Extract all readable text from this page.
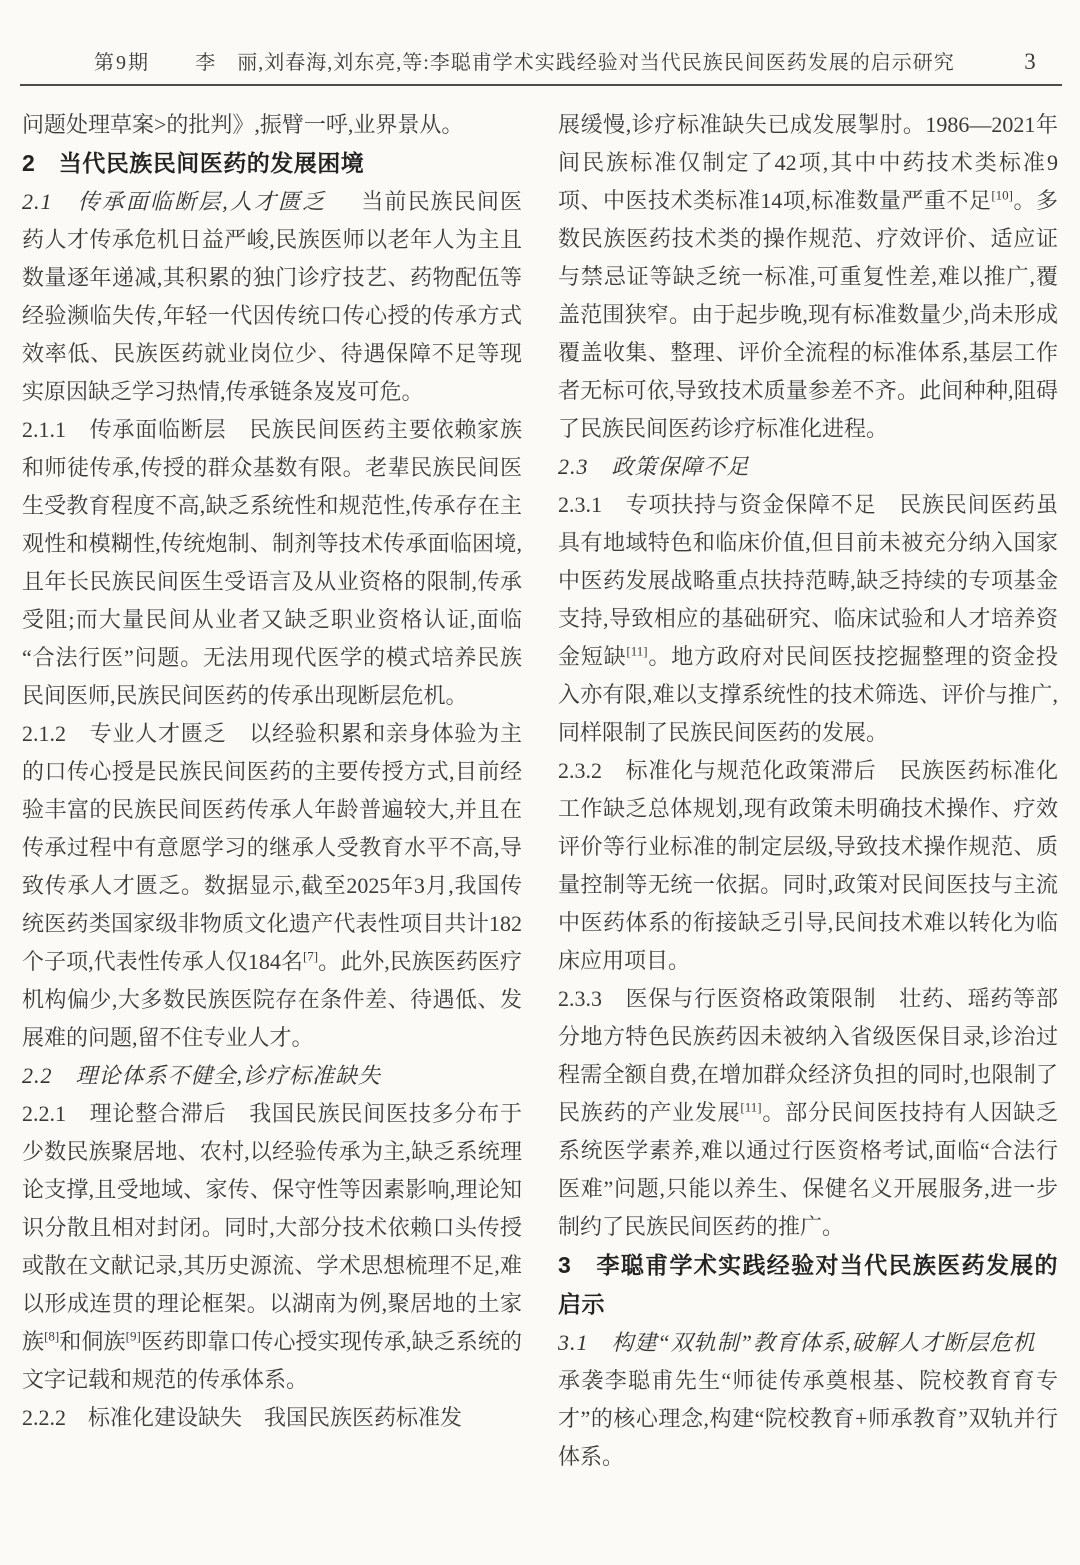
第9期	李　丽,刘春海,刘东亮,等:李聪甫学术实践经验对当代民族民间医药发展的启示研究	3

问题处理草案>的批判》,振臂一呼,业界景从。

2　当代民族民间医药的发展困境

2.1　传承面临断层,人才匮乏　当前民族民间医药人才传承危机日益严峻,民族医师以老年人为主且数量逐年递减,其积累的独门诊疗技艺、药物配伍等经验濒临失传,年轻一代因传统口传心授的传承方式效率低、民族医药就业岗位少、待遇保障不足等现实原因缺乏学习热情,传承链条岌岌可危。

2.1.1　传承面临断层　民族民间医药主要依赖家族和师徒传承,传授的群众基数有限。老辈民族民间医生受教育程度不高,缺乏系统性和规范性,传承存在主观性和模糊性,传统炮制、制剂等技术传承面临困境,且年长民族民间医生受语言及从业资格的限制,传承受阻;而大量民间从业者又缺乏职业资格认证,面临“合法行医”问题。无法用现代医学的模式培养民族民间医师,民族民间医药的传承出现断层危机。

2.1.2　专业人才匮乏　以经验积累和亲身体验为主的口传心授是民族民间医药的主要传授方式,目前经验丰富的民族民间医药传承人年龄普遍较大,并且在传承过程中有意愿学习的继承人受教育水平不高,导致传承人才匮乏。数据显示,截至2025年3月,我国传统医药类国家级非物质文化遗产代表性项目共计182个子项,代表性传承人仅184名[7]。此外,民族医药医疗机构偏少,大多数民族医院存在条件差、待遇低、发展难的问题,留不住专业人才。

2.2　理论体系不健全,诊疗标准缺失

2.2.1　理论整合滞后　我国民族民间医技多分布于少数民族聚居地、农村,以经验传承为主,缺乏系统理论支撑,且受地域、家传、保守性等因素影响,理论知识分散且相对封闭。同时,大部分技术依赖口头传授或散在文献记录,其历史源流、学术思想梳理不足,难以形成连贯的理论框架。以湖南为例,聚居地的土家族[8]和侗族[9]医药即靠口传心授实现传承,缺乏系统的文字记载和规范的传承体系。

2.2.2　标准化建设缺失　我国民族医药标准发

展缓慢,诊疗标准缺失已成发展掣肘。1986—2021年间民族标准仅制定了42项,其中中药技术类标准9项、中医技术类标准14项,标准数量严重不足[10]。多数民族医药技术类的操作规范、疗效评价、适应证与禁忌证等缺乏统一标准,可重复性差,难以推广,覆盖范围狭窄。由于起步晚,现有标准数量少,尚未形成覆盖收集、整理、评价全流程的标准体系,基层工作者无标可依,导致技术质量参差不齐。此间种种,阻碍了民族民间医药诊疗标准化进程。

2.3　政策保障不足

2.3.1　专项扶持与资金保障不足　民族民间医药虽具有地域特色和临床价值,但目前未被充分纳入国家中医药发展战略重点扶持范畴,缺乏持续的专项基金支持,导致相应的基础研究、临床试验和人才培养资金短缺[11]。地方政府对民间医技挖掘整理的资金投入亦有限,难以支撑系统性的技术筛选、评价与推广,同样限制了民族民间医药的发展。

2.3.2　标准化与规范化政策滞后　民族医药标准化工作缺乏总体规划,现有政策未明确技术操作、疗效评价等行业标准的制定层级,导致技术操作规范、质量控制等无统一依据。同时,政策对民间医技与主流中医药体系的衔接缺乏引导,民间技术难以转化为临床应用项目。

2.3.3　医保与行医资格政策限制　壮药、瑶药等部分地方特色民族药因未被纳入省级医保目录,诊治过程需全额自费,在增加群众经济负担的同时,也限制了民族药的产业发展[11]。部分民间医技持有人因缺乏系统医学素养,难以通过行医资格考试,面临“合法行医难”问题,只能以养生、保健名义开展服务,进一步制约了民族民间医药的推广。

3　李聪甫学术实践经验对当代民族医药发展的启示

3.1　构建“双轨制”教育体系,破解人才断层危机　承袭李聪甫先生“师徒传承奠根基、院校教育育专才”的核心理念,构建“院校教育+师承教育”双轨并行体系。
